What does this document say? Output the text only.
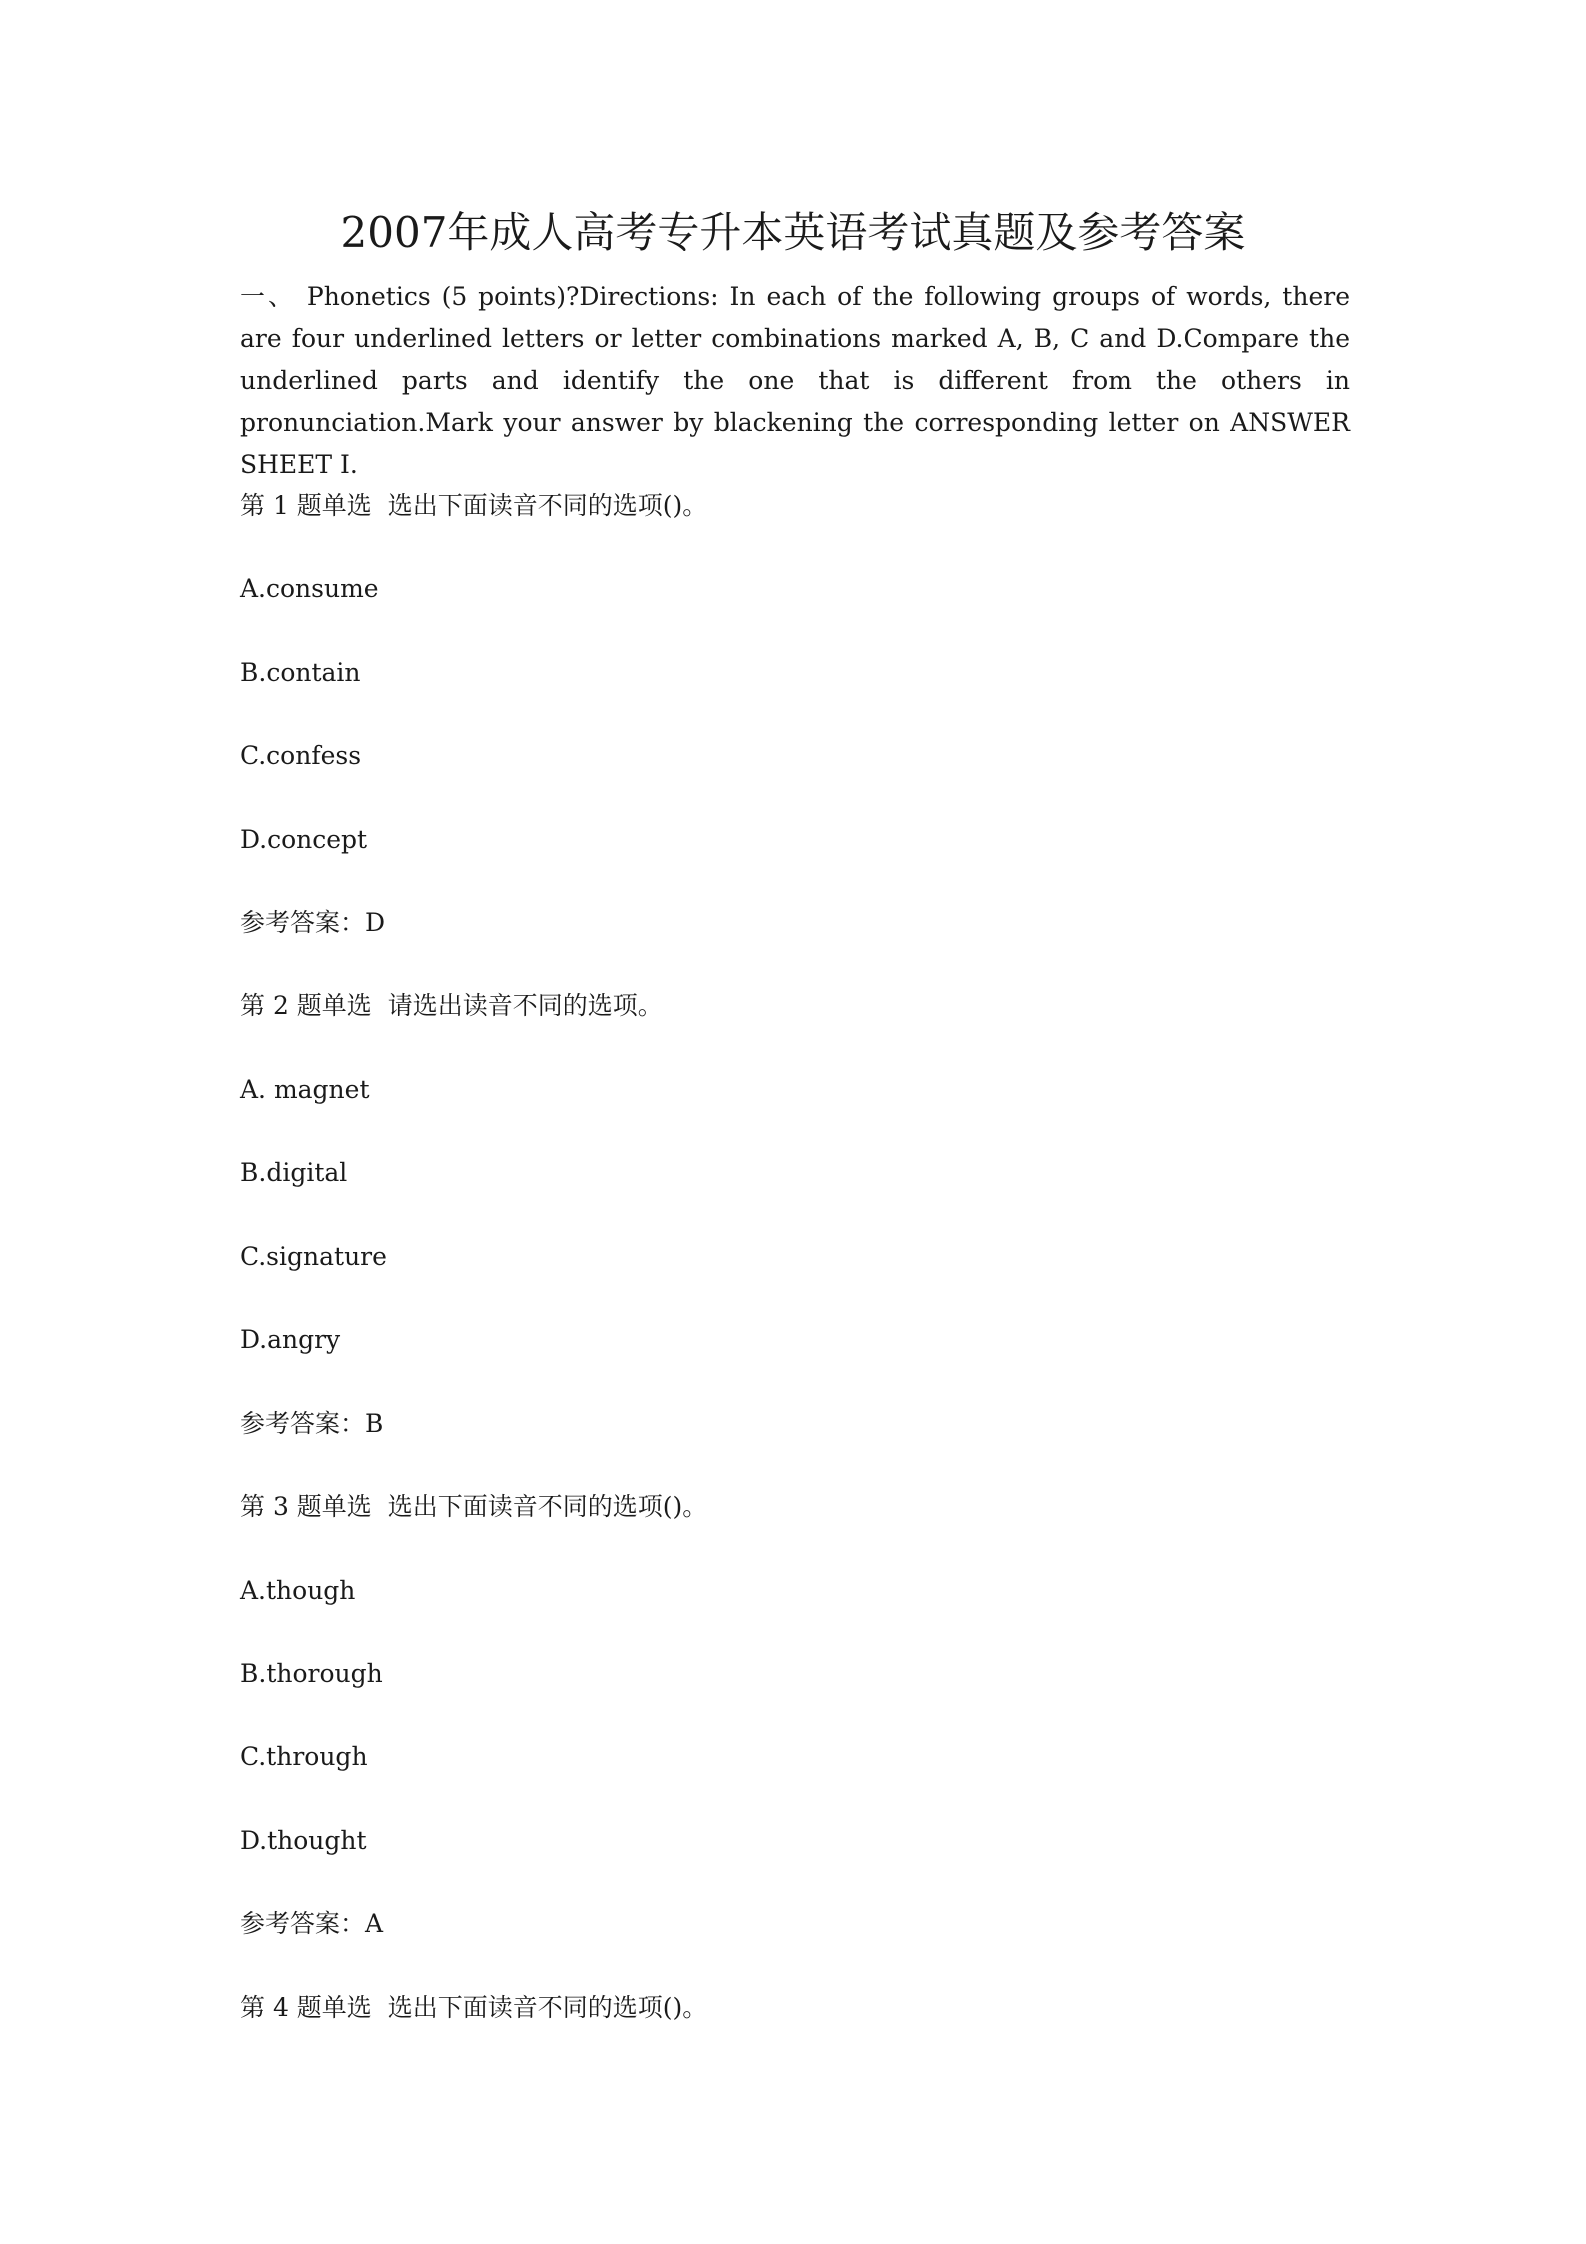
2007年成人高考专升本英语考试真题及参考答案

一、 Phonetics (5 points)?Directions: In each of the following groups of words, there are four underlined letters or letter combinations marked A, B, C and D.Compare the underlined parts and identify the one that is different from the others in pronunciation.Mark your answer by blackening the corresponding letter on ANSWER SHEET Ⅰ.

第 1 题单选  选出下面读音不同的选项()。

A.consume

B.contain

C.confess

D.concept

参考答案：D

第 2 题单选  请选出读音不同的选项。

A. magnet

B.digital

C.signature

D.angry

参考答案：B

第 3 题单选  选出下面读音不同的选项()。

A.though

B.thorough

C.through

D.thought

参考答案：A

第 4 题单选  选出下面读音不同的选项()。
